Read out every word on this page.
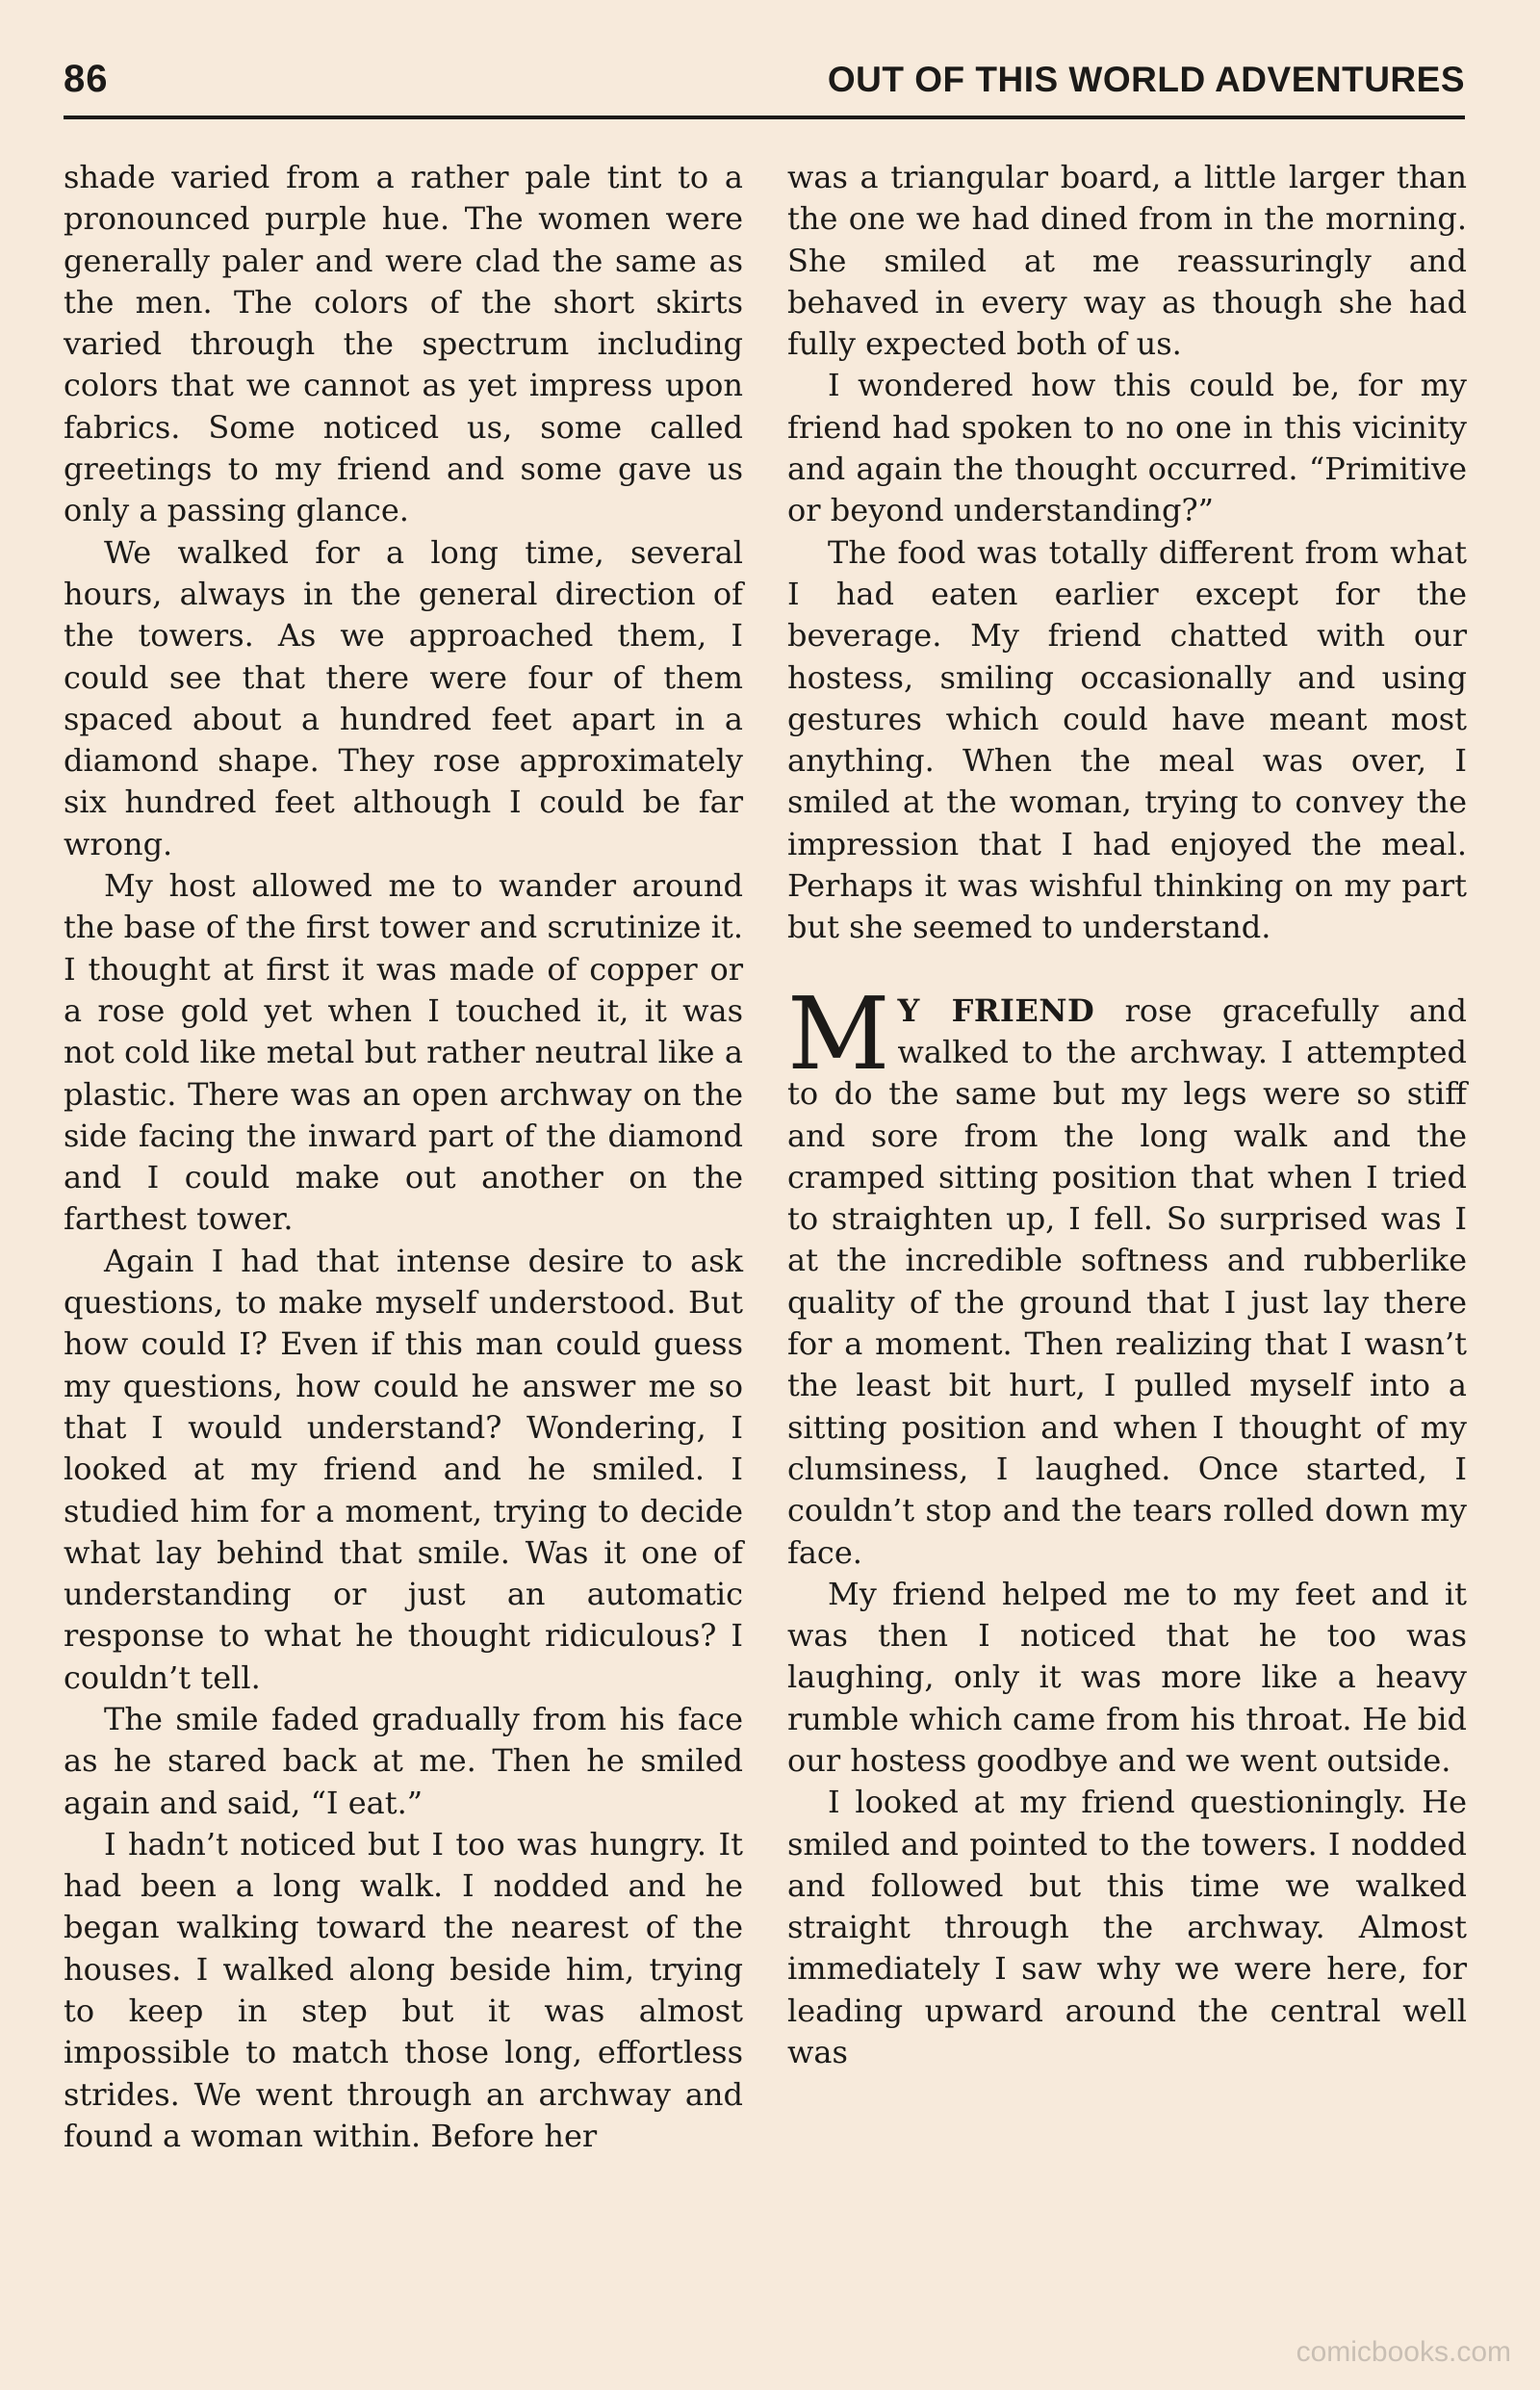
86	OUT OF THIS WORLD ADVENTURES

shade varied from a rather pale tint to a pronounced purple hue. The women were generally paler and were clad the same as the men. The colors of the short skirts varied through the spectrum including colors that we cannot as yet impress upon fabrics. Some noticed us, some called greetings to my friend and some gave us only a passing glance.

We walked for a long time, several hours, always in the general direction of the towers. As we approached them, I could see that there were four of them spaced about a hundred feet apart in a diamond shape. They rose approximately six hundred feet although I could be far wrong.

My host allowed me to wander around the base of the first tower and scrutinize it. I thought at first it was made of copper or a rose gold yet when I touched it, it was not cold like metal but rather neutral like a plastic. There was an open archway on the side facing the inward part of the diamond and I could make out another on the farthest tower.

Again I had that intense desire to ask questions, to make myself understood. But how could I? Even if this man could guess my questions, how could he answer me so that I would understand? Wondering, I looked at my friend and he smiled. I studied him for a moment, trying to decide what lay behind that smile. Was it one of understanding or just an automatic response to what he thought ridiculous? I couldn’t tell.

The smile faded gradually from his face as he stared back at me. Then he smiled again and said, “I eat.”

I hadn’t noticed but I too was hungry. It had been a long walk. I nodded and he began walking toward the nearest of the houses. I walked along beside him, trying to keep in step but it was almost impossible to match those long, effortless strides. We went through an archway and found a woman within. Before her

was a triangular board, a little larger than the one we had dined from in the morning. She smiled at me reassuringly and behaved in every way as though she had fully expected both of us.

I wondered how this could be, for my friend had spoken to no one in this vicinity and again the thought occurred. “Primitive or beyond understanding?”

The food was totally different from what I had eaten earlier except for the beverage. My friend chatted with our hostess, smiling occasionally and using gestures which could have meant most anything. When the meal was over, I smiled at the woman, trying to convey the impression that I had enjoyed the meal. Perhaps it was wishful thinking on my part but she seemed to understand.

M Y FRIEND rose gracefully and walked to the archway. I attempted to do the same but my legs were so stiff and sore from the long walk and the cramped sitting position that when I tried to straighten up, I fell. So surprised was I at the incredible softness and rubberlike quality of the ground that I just lay there for a moment. Then realizing that I wasn’t the least bit hurt, I pulled myself into a sitting position and when I thought of my clumsiness, I laughed. Once started, I couldn’t stop and the tears rolled down my face.

My friend helped me to my feet and it was then I noticed that he too was laughing, only it was more like a heavy rumble which came from his throat. He bid our hostess goodbye and we went outside.

I looked at my friend questioningly. He smiled and pointed to the towers. I nodded and followed but this time we walked straight through the archway. Almost immediately I saw why we were here, for leading upward around the central well was

comicbooks.com
